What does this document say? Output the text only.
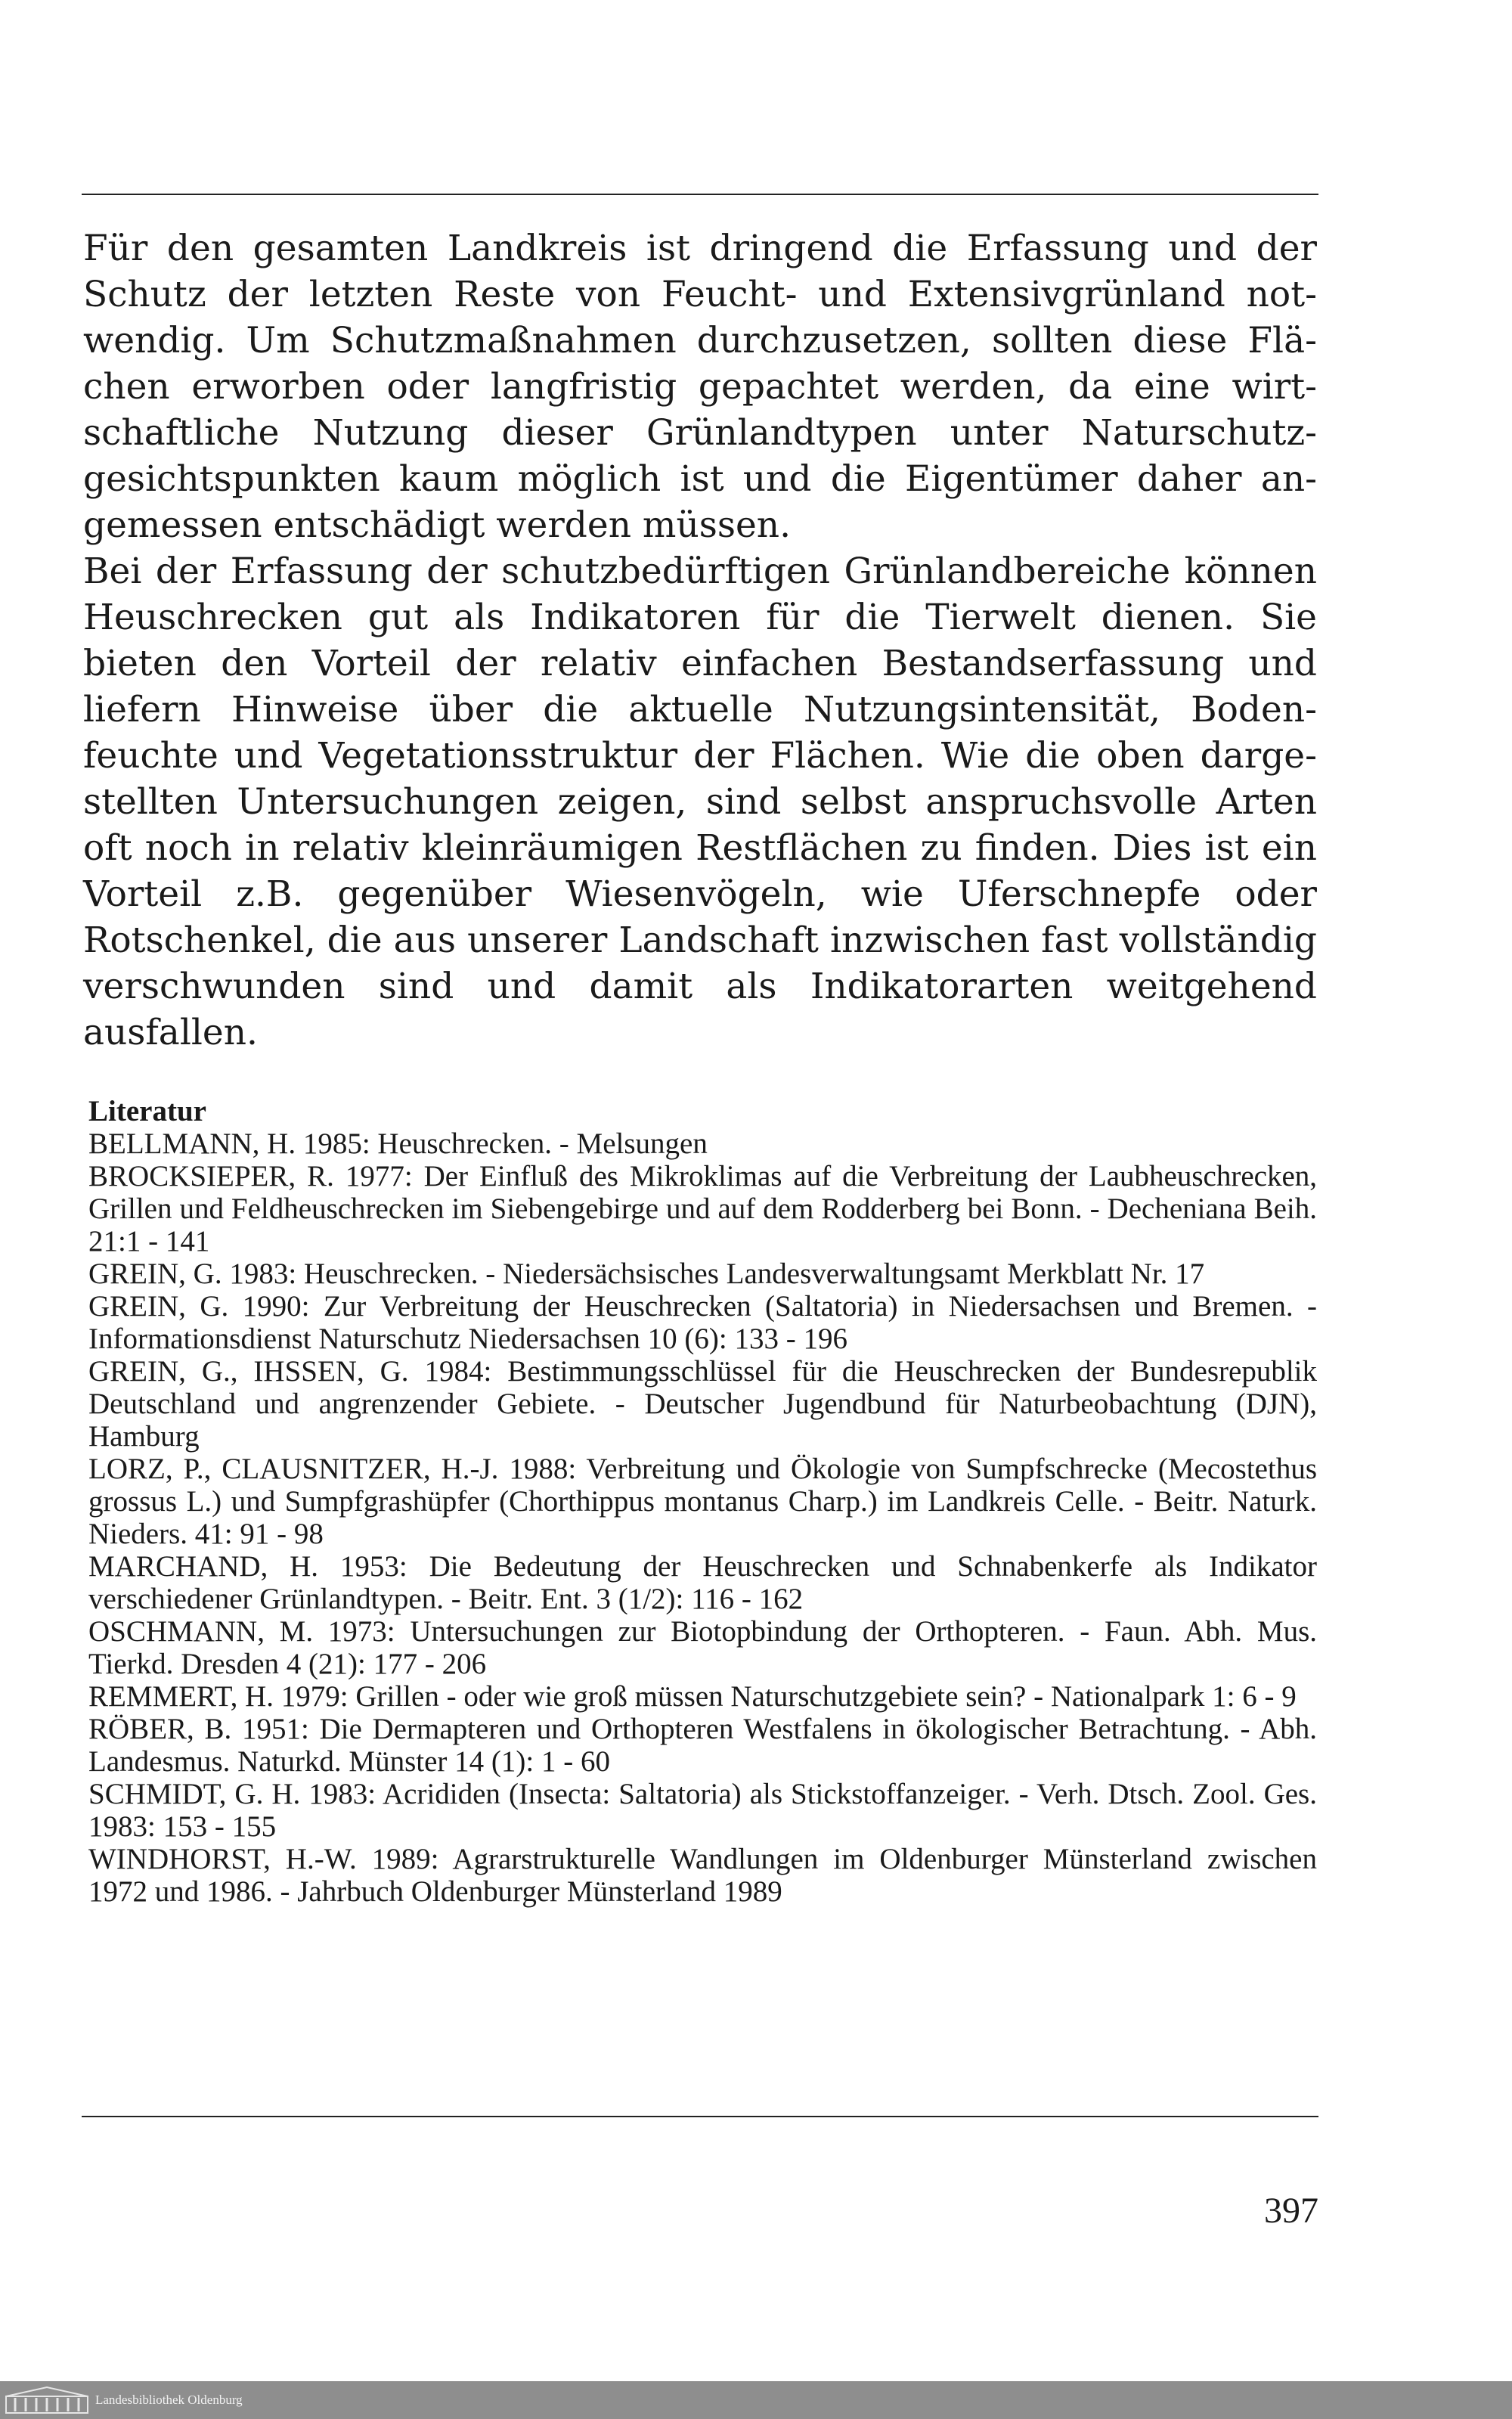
Für den gesamten Landkreis ist dringend die Erfassung und der Schutz der letzten Reste von Feucht- und Extensivgrünland notwendig. Um Schutzmaßnahmen durchzusetzen, sollten diese Flächen erworben oder langfristig gepachtet werden, da eine wirtschaftliche Nutzung dieser Grünlandtypen unter Naturschutzgesichtspunkten kaum möglich ist und die Eigentümer daher angemessen entschädigt werden müssen.

Bei der Erfassung der schutzbedürftigen Grünlandbereiche können Heuschrecken gut als Indikatoren für die Tierwelt dienen. Sie bieten den Vorteil der relativ einfachen Bestandserfassung und liefern Hinweise über die aktuelle Nutzungsintensität, Bodenfeuchte und Vegetationsstruktur der Flächen. Wie die oben dargestellten Untersuchungen zeigen, sind selbst anspruchsvolle Arten oft noch in relativ kleinräumigen Restflächen zu finden. Dies ist ein Vorteil z.B. gegenüber Wiesenvögeln, wie Uferschnepfe oder Rotschenkel, die aus unserer Landschaft inzwischen fast vollständig verschwunden sind und damit als Indikatorarten weitgehend ausfallen.

Literatur

BELLMANN, H. 1985: Heuschrecken. - Melsungen

BROCKSIEPER, R. 1977: Der Einfluß des Mikroklimas auf die Verbreitung der Laubheuschrecken, Grillen und Feldheuschrecken im Siebengebirge und auf dem Rodderberg bei Bonn. - Decheniana Beih. 21:1 - 141

GREIN, G. 1983: Heuschrecken. - Niedersächsisches Landesverwaltungsamt Merkblatt Nr. 17

GREIN, G. 1990: Zur Verbreitung der Heuschrecken (Saltatoria) in Niedersachsen und Bremen. - Informationsdienst Naturschutz Niedersachsen 10 (6): 133 - 196

GREIN, G., IHSSEN, G. 1984: Bestimmungsschlüssel für die Heuschrecken der Bundesrepublik Deutschland und angrenzender Gebiete. - Deutscher Jugendbund für Naturbeobachtung (DJN), Hamburg

LORZ, P., CLAUSNITZER, H.-J. 1988: Verbreitung und Ökologie von Sumpfschrecke (Mecostethus grossus L.) und Sumpfgrashüpfer (Chorthippus montanus Charp.) im Landkreis Celle. - Beitr. Naturk. Nieders. 41: 91 - 98

MARCHAND, H. 1953: Die Bedeutung der Heuschrecken und Schnabenkerfe als Indikator verschiedener Grünlandtypen. - Beitr. Ent. 3 (1/2): 116 - 162

OSCHMANN, M. 1973: Untersuchungen zur Biotopbindung der Orthopteren. - Faun. Abh. Mus. Tierkd. Dresden 4 (21): 177 - 206

REMMERT, H. 1979: Grillen - oder wie groß müssen Naturschutzgebiete sein? - Nationalpark 1: 6 - 9

RÖBER, B. 1951: Die Dermapteren und Orthopteren Westfalens in ökologischer Betrachtung. - Abh. Landesmus. Naturkd. Münster 14 (1): 1 - 60

SCHMIDT, G. H. 1983: Acrididen (Insecta: Saltatoria) als Stickstoffanzeiger. - Verh. Dtsch. Zool. Ges. 1983: 153 - 155

WINDHORST, H.-W. 1989: Agrarstrukturelle Wandlungen im Oldenburger Münsterland zwischen 1972 und 1986. - Jahrbuch Oldenburger Münsterland 1989

397
Landesbibliothek Oldenburg
